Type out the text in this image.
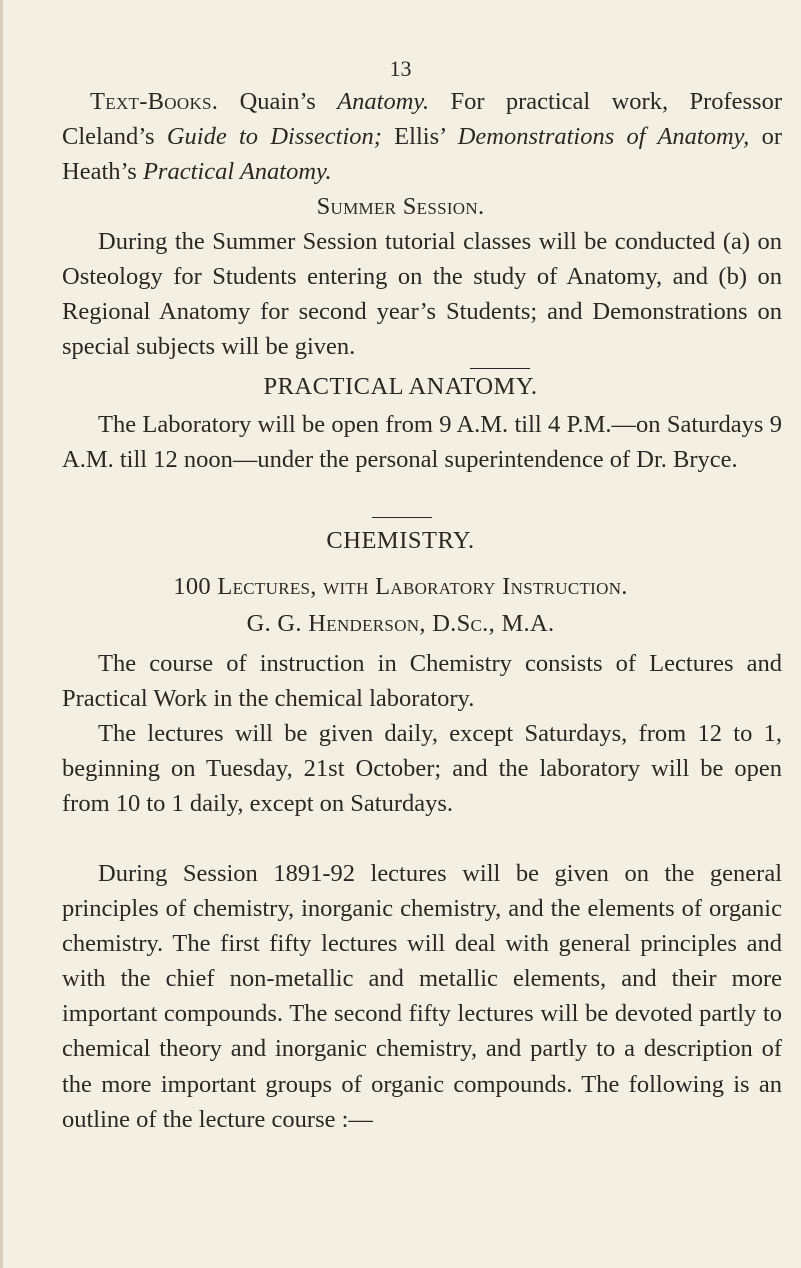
13

Text-Books. Quain’s Anatomy. For practical work, Professor Cleland’s Guide to Dissection; Ellis’ Demonstrations of Anatomy, or Heath’s Practical Anatomy.

Summer Session.

During the Summer Session tutorial classes will be conducted (a) on Osteology for Students entering on the study of Anatomy, and (b) on Regional Anatomy for second year’s Students; and Demonstrations on special subjects will be given.

PRACTICAL ANATOMY.

The Laboratory will be open from 9 A.M. till 4 P.M.—on Saturdays 9 A.M. till 12 noon—under the personal superintendence of Dr. Bryce.

CHEMISTRY.
100 Lectures, with Laboratory Instruction.
G. G. Henderson, D.Sc., M.A.

The course of instruction in Chemistry consists of Lectures and Practical Work in the chemical laboratory.

The lectures will be given daily, except Saturdays, from 12 to 1, beginning on Tuesday, 21st October; and the laboratory will be open from 10 to 1 daily, except on Saturdays.

During Session 1891-92 lectures will be given on the general principles of chemistry, inorganic chemistry, and the elements of organic chemistry. The first fifty lectures will deal with general principles and with the chief non-metallic and metallic elements, and their more important compounds. The second fifty lectures will be devoted partly to chemical theory and inorganic chemistry, and partly to a description of the more important groups of organic compounds. The following is an outline of the lecture course :—
